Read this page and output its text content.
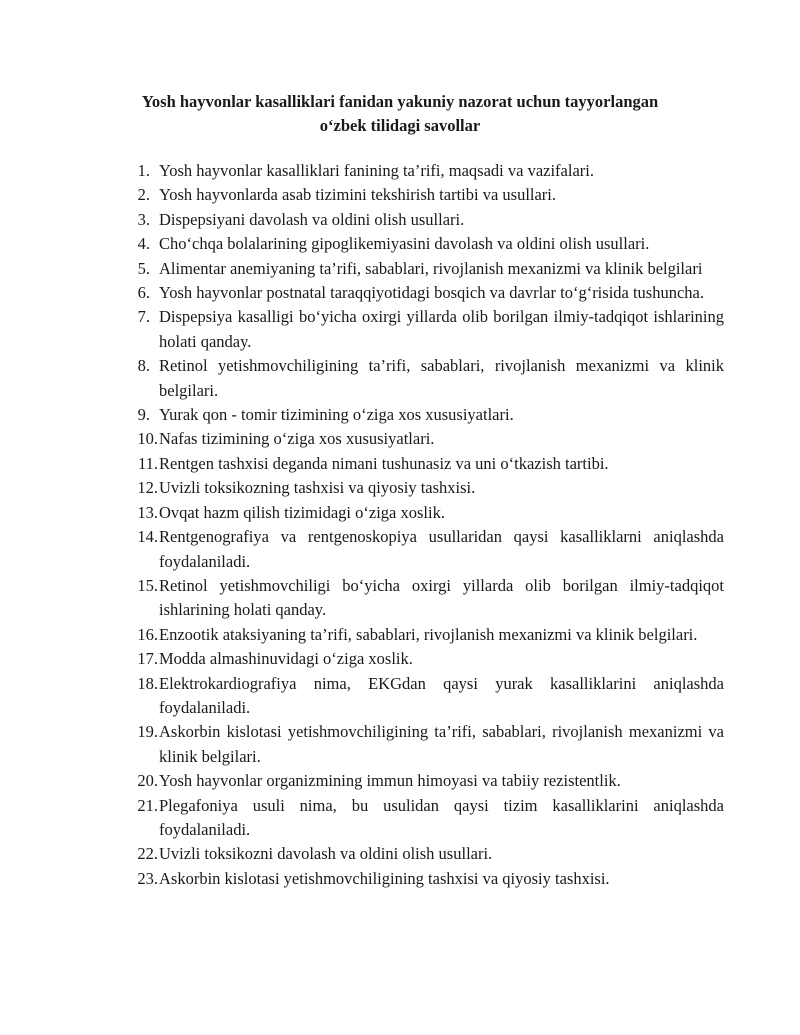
Yosh hayvonlar kasalliklari fanidan yakuniy nazorat uchun tayyorlangan
o‘zbek tilidagi savollar
1. Yosh hayvonlar kasalliklari fanining ta’rifi, maqsadi va vazifalari.
2. Yosh hayvonlarda asab tizimini tekshirish tartibi va usullari.
3. Dispepsiyani davolash va oldini olish usullari.
4. Cho‘chqa bolalarining gipoglikemiyasini davolash va oldini olish usullari.
5. Alimentar anemiyaning ta’rifi, sabablari, rivojlanish mexanizmi va klinik belgilari
6. Yosh hayvonlar postnatal taraqqiyotidagi bosqich va davrlar to‘g‘risida tushuncha.
7. Dispepsiya kasalligi bo‘yicha oxirgi yillarda olib borilgan ilmiy-tadqiqot ishlarining holati qanday.
8. Retinol yetishmovchiligining ta’rifi, sabablari, rivojlanish mexanizmi va klinik belgilari.
9. Yurak qon - tomir tizimining o‘ziga xos xususiyatlari.
10. Nafas tizimining o‘ziga xos xususiyatlari.
11. Rentgen tashxisi deganda nimani tushunasiz va uni o‘tkazish tartibi.
12. Uvizli toksikozning tashxisi va qiyosiy tashxisi.
13. Ovqat hazm qilish tizimidagi o‘ziga xoslik.
14. Rentgenografiya va rentgenoskopiya usullaridan qaysi kasalliklarni aniqlashda foydalaniladi.
15. Retinol yetishmovchiligi bo‘yicha oxirgi yillarda olib borilgan ilmiy-tadqiqot ishlarining holati qanday.
16. Enzootik ataksiyaning ta’rifi, sabablari, rivojlanish mexanizmi va klinik belgilari.
17. Modda almashinuvidagi o‘ziga xoslik.
18. Elektrokardiografiya nima, EKGdan qaysi yurak kasalliklarini aniqlashda foydalaniladi.
19. Askorbin kislotasi yetishmovchiligining ta’rifi, sabablari, rivojlanish mexanizmi va klinik belgilari.
20. Yosh hayvonlar organizmining immun himoyasi va tabiiy rezistentlik.
21. Plegafoniya usuli nima, bu usulidan qaysi tizim kasalliklarini aniqlashda foydalaniladi.
22. Uvizli toksikozni davolash va oldini olish usullari.
23. Askorbin kislotasi yetishmovchiligining tashxisi va qiyosiy tashxisi.
